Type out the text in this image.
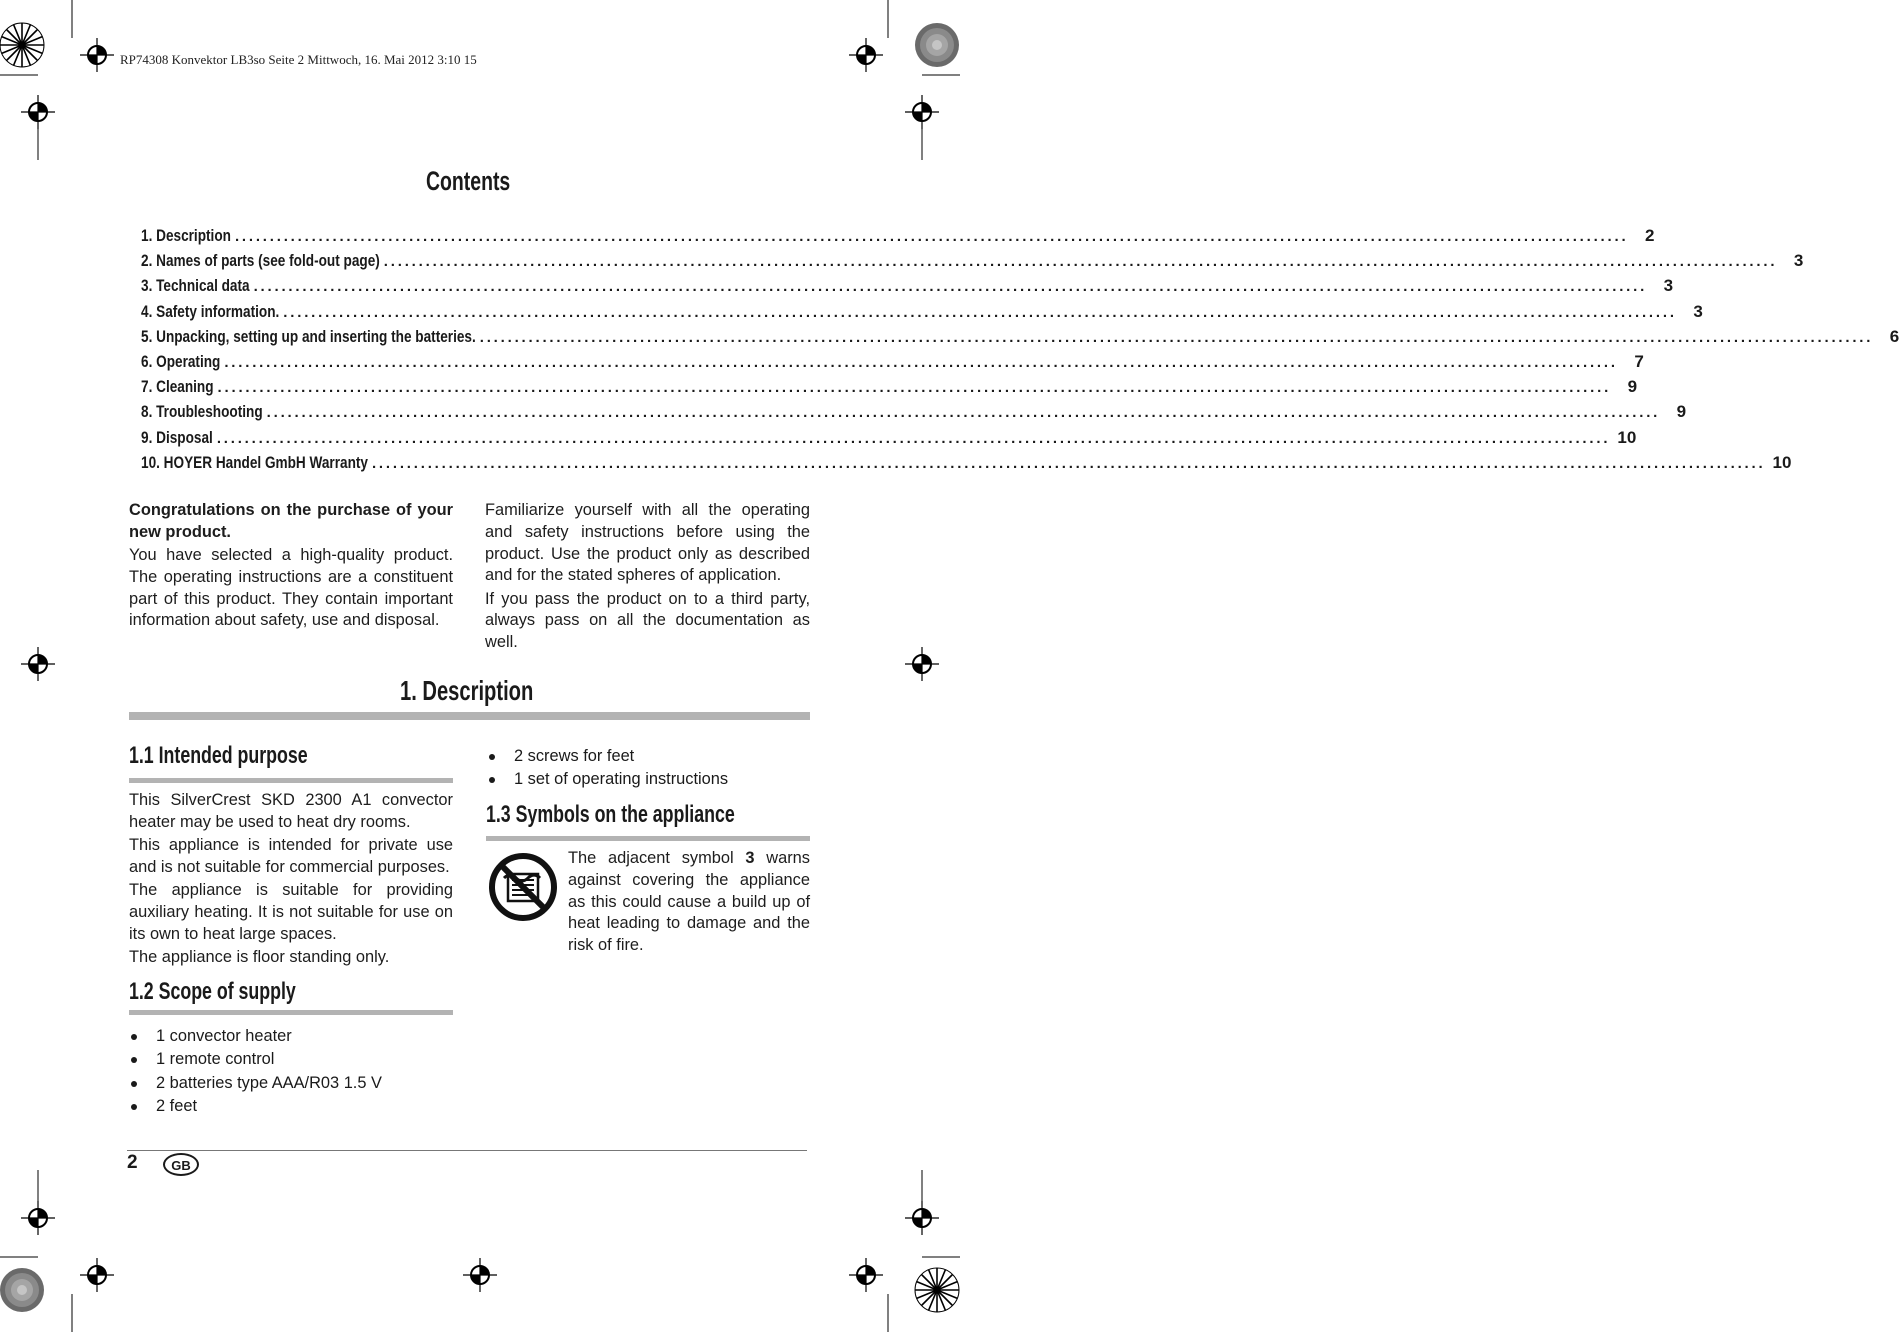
RP74308 Konvektor LB3so Seite 2 Mittwoch, 16. Mai 2012 3:10 15
Contents
1. Description ........................................................................................................................................................................................................ 2
2. Names of parts (see fold-out page) ........................................................................................................................................................................................................ 3
3. Technical data ........................................................................................................................................................................................................ 3
4. Safety information. ........................................................................................................................................................................................................ 3
5. Unpacking, setting up and inserting the batteries. ........................................................................................................................................................................................................ 6
6. Operating ........................................................................................................................................................................................................ 7
7. Cleaning ........................................................................................................................................................................................................ 9
8. Troubleshooting ........................................................................................................................................................................................................ 9
9. Disposal ........................................................................................................................................................................................................ 10
10. HOYER Handel GmbH Warranty ........................................................................................................................................................................................................ 10

Congratulations on the purchase of your new product.

You have selected a high-quality product. The operating instructions are a constituent part of this product. They contain important information about safety, use and disposal.

Familiarize yourself with all the operating and safety instructions before using the product. Use the product only as described and for the stated spheres of application.

If you pass the product on to a third party, always pass on all the documentation as well.

1. Description
1.1 Intended purpose

This SilverCrest SKD 2300 A1 convector heater may be used to heat dry rooms.

This appliance is intended for private use and is not suitable for commercial purposes.

The appliance is suitable for providing auxiliary heating. It is not suitable for use on its own to heat large spaces.

The appliance is floor standing only.

1.2 Scope of supply
1 convector heater
1 remote control
2 batteries type AAA/R03 1.5 V
2 feet
2 screws for feet
1 set of operating instructions
1.3 Symbols on the appliance

The adjacent symbol 3 warns against covering the appliance as this could cause a build up of heat leading to damage and the risk of fire.

2	GB
